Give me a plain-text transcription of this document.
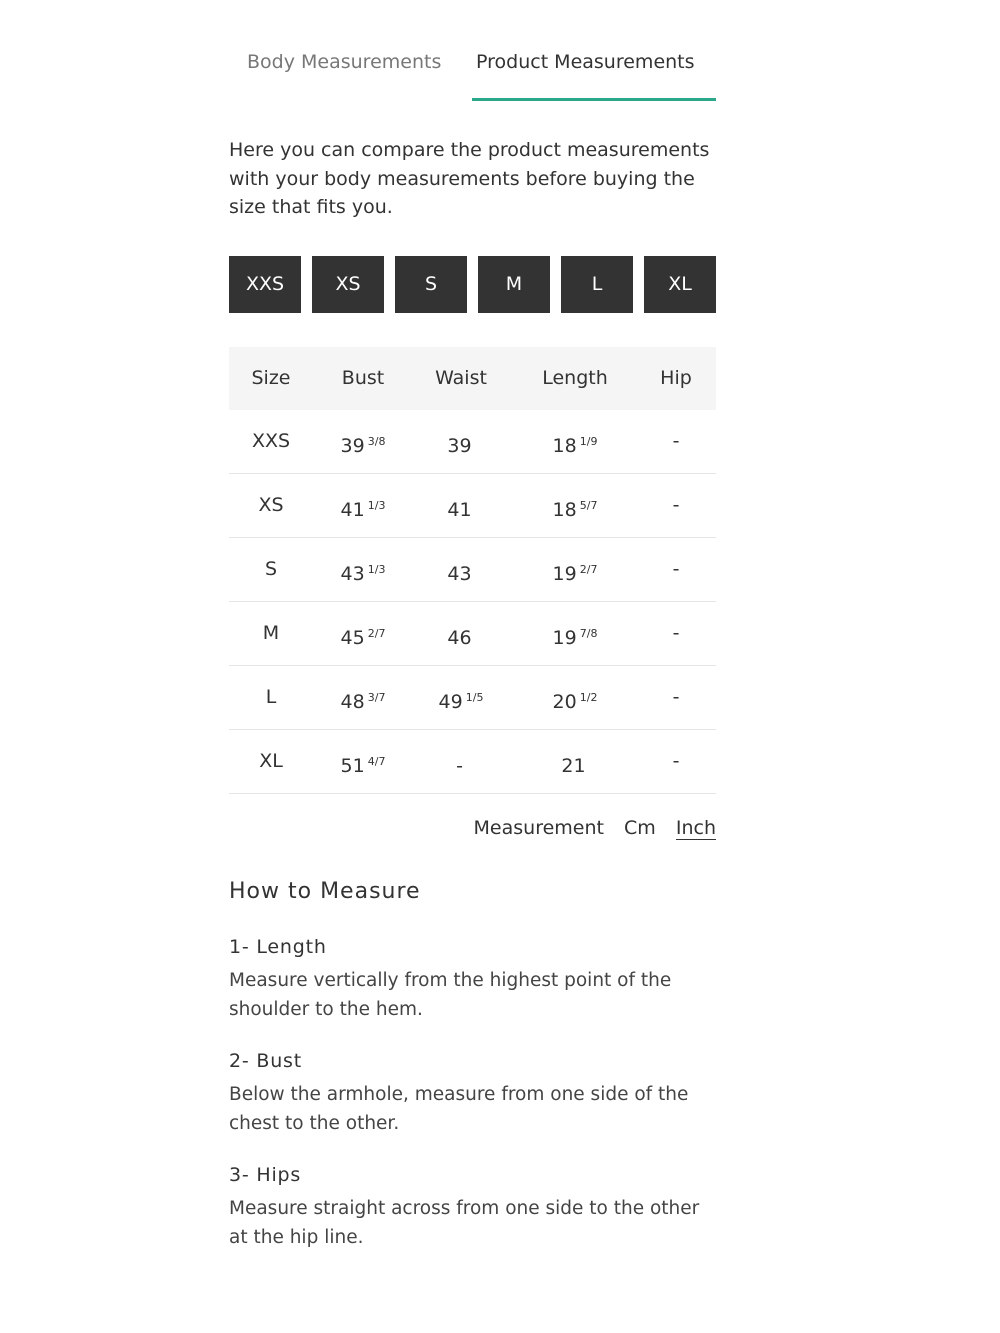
Body Measurements Product Measurements
Here you can compare the product measurements with your body measurements before buying the size that fits you.
XXS	XS	S	M	L	XL
Size	Bust	Waist	Length	Hip
XXS	39 $^{3/8}$	39	18 $^{1/9}$	-
XS	41 $^{1/3}$	41	18 $^{5/7}$	-
S	43 $^{1/3}$	43	19 $^{2/7}$	-
M	45 $^{2/7}$	46	19 $^{7/8}$	-
L	48 $^{3/7}$	49 $^{1/5}$	20 $^{1/2}$	-
XL	51 $^{4/7}$	-	21	-
Measurement Cm Inch
How to Measure
1- Length
Measure vertically from the highest point of the shoulder to the hem.
2- Bust
Below the armhole, measure from one side of the chest to the other.
3- Hips
Measure straight across from one side to the other at the hip line.
